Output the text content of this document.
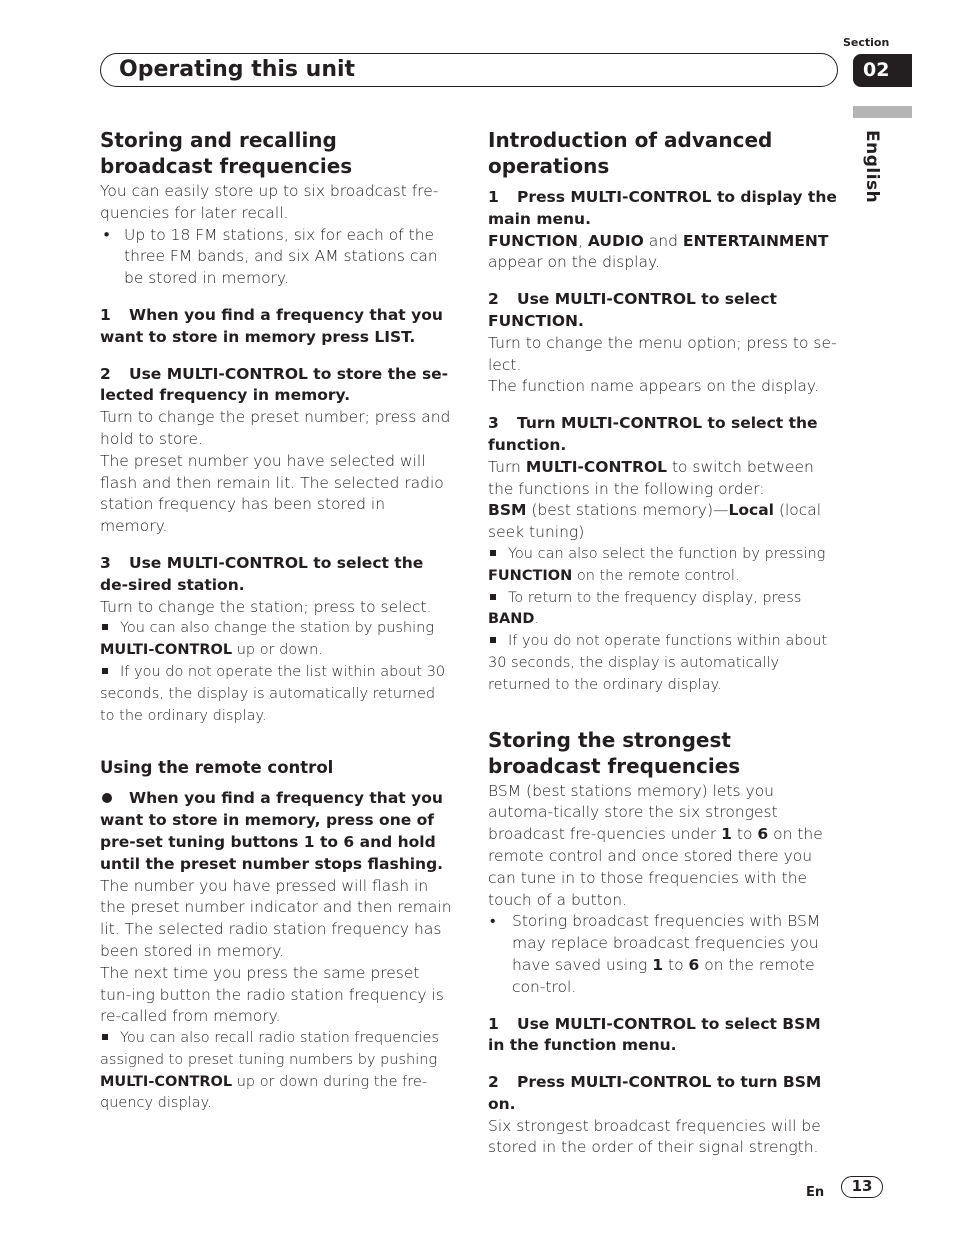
Section
Operating this unit	02
English
Storing and recalling broadcast frequencies

You can easily store up to six broadcast fre-quencies for later recall.

• Up to 18 FM stations, six for each of the three FM bands, and six AM stations can be stored in memory.

1 When you find a frequency that you want to store in memory press LIST.

2 Use MULTI-CONTROL to store the se-lected frequency in memory.

Turn to change the preset number; press and hold to store.

The preset number you have selected will flash and then remain lit. The selected radio station frequency has been stored in memory.

3 Use MULTI-CONTROL to select the de-sired station.

Turn to change the station; press to select.

You can also change the station by pushing
MULTI-CONTROL up or down.

If you do not operate the list within about 30 seconds, the display is automatically returned to the ordinary display.

Using the remote control

When you find a frequency that you want to store in memory, press one of pre-set tuning buttons 1 to 6 and hold until the preset number stops flashing.

The number you have pressed will flash in the preset number indicator and then remain lit. The selected radio station frequency has been stored in memory.

The next time you press the same preset tun-ing button the radio station frequency is re-called from memory.

You can also recall radio station frequencies assigned to preset tuning numbers by pushing MULTI-CONTROL up or down during the fre-quency display.

Introduction of advanced operations

1 Press MULTI-CONTROL to display the main menu.

FUNCTION, AUDIO and ENTERTAINMENT
appear on the display.

2 Use MULTI-CONTROL to select FUNCTION.

Turn to change the menu option; press to se-lect.

The function name appears on the display.

3 Turn MULTI-CONTROL to select the function.

Turn MULTI-CONTROL to switch between the functions in the following order:

BSM (best stations memory)—Local (local seek tuning)

You can also select the function by pressing
FUNCTION on the remote control.

To return to the frequency display, press
BAND.

If you do not operate functions within about 30 seconds, the display is automatically returned to the ordinary display.

Storing the strongest broadcast frequencies

BSM (best stations memory) lets you automa-tically store the six strongest broadcast fre-quencies under 1 to 6 on the remote control and once stored there you can tune in to those frequencies with the touch of a button.

• Storing broadcast frequencies with BSM may replace broadcast frequencies you have saved using 1 to 6 on the remote con-trol.

1 Use MULTI-CONTROL to select BSM in the function menu.

2 Press MULTI-CONTROL to turn BSM on.

Six strongest broadcast frequencies will be stored in the order of their signal strength.

En	13
